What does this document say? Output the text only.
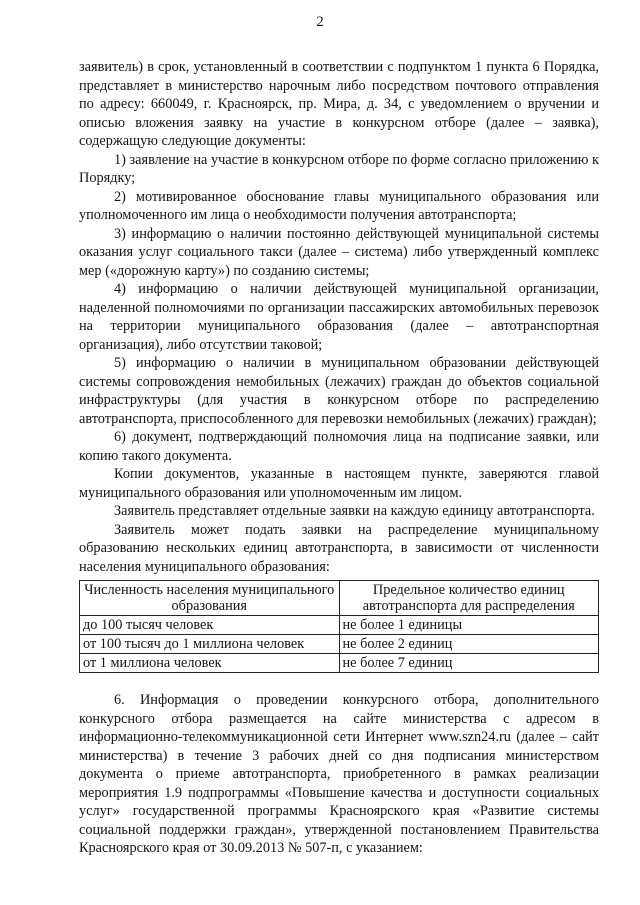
2

заявитель) в срок, установленный в соответствии с подпунктом 1 пункта 6 Порядка, представляет в министерство нарочным либо посредством почтового отправления по адресу: 660049, г. Красноярск, пр. Мира, д. 34, с уведомлением о вручении и описью вложения заявку на участие в конкурсном отборе (далее – заявка), содержащую следующие документы:

1) заявление на участие в конкурсном отборе по форме согласно приложению к Порядку;

2) мотивированное обоснование главы муниципального образования или уполномоченного им лица о необходимости получения автотранспорта;

3) информацию о наличии постоянно действующей муниципальной системы оказания услуг социального такси (далее – система) либо утвержденный комплекс мер («дорожную карту») по созданию системы;

4) информацию о наличии действующей муниципальной организации, наделенной полномочиями по организации пассажирских автомобильных перевозок на территории муниципального образования (далее – автотранспортная организация), либо отсутствии таковой;

5) информацию о наличии в муниципальном образовании действующей системы сопровождения немобильных (лежачих) граждан до объектов социальной инфраструктуры (для участия в конкурсном отборе по распределению автотранспорта, приспособленного для перевозки немобильных (лежачих) граждан);

6) документ, подтверждающий полномочия лица на подписание заявки, или копию такого документа.

Копии документов, указанные в настоящем пункте, заверяются главой муниципального образования или уполномоченным им лицом.

Заявитель представляет отдельные заявки на каждую единицу автотранспорта.

Заявитель может подать заявки на распределение муниципальному образованию нескольких единиц автотранспорта, в зависимости от численности населения муниципального образования:

Численность населения муниципального образования	Предельное количество единиц автотранспорта для распределения
до 100 тысяч человек	не более 1 единицы
от 100 тысяч до 1 миллиона человек	не более 2 единиц
от 1 миллиона человек	не более 7 единиц

6. Информация о проведении конкурсного отбора, дополнительного конкурсного отбора размещается на сайте министерства с адресом в информационно-телекоммуникационной сети Интернет www.szn24.ru (далее – сайт министерства) в течение 3 рабочих дней со дня подписания министерством документа о приеме автотранспорта, приобретенного в рамках реализации мероприятия 1.9 подпрограммы «Повышение качества и доступности социальных услуг» государственной программы Красноярского края «Развитие системы социальной поддержки граждан», утвержденной постановлением Правительства Красноярского края от 30.09.2013 № 507-п, с указанием:
